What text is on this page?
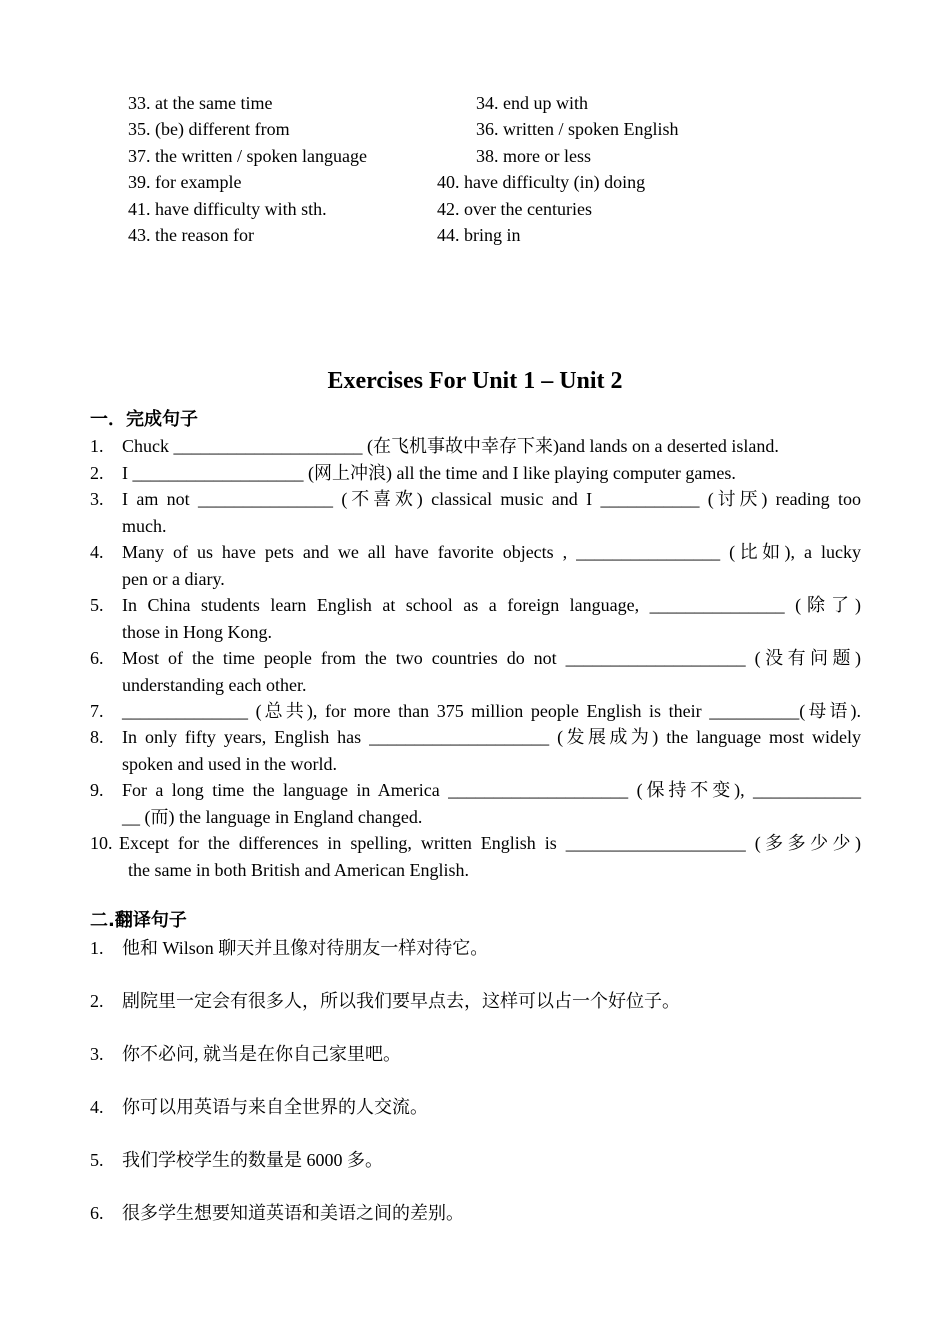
33. at the same time	34. end up with
35. (be) different from	36. written / spoken English
37. the written / spoken language	38. more or less
39. for example	40. have difficulty (in) doing
41. have difficulty with sth.	42. over the centuries
43. the reason for	44. bring in
Exercises For Unit 1 – Unit 2
一．完成句子
1. Chuck _____________________ (在飞机事故中幸存下来)and lands on a deserted island.
2. I ___________________ (网上冲浪) all the time and I like playing computer games.
3. I am not _______________ (不喜欢) classical music and I ___________ (讨厌) reading too
much.
4. Many of us have pets and we all have favorite objects , ________________ (比如), a lucky
pen or a diary.
5. In China students learn English at school as a foreign language, _______________ (除了)
those in Hong Kong.
6. Most of the time people from the two countries do not ____________________ (没有问题)
understanding each other.
7. ______________ (总共), for more than 375 million people English is their __________(母语).
8. In only fifty years, English has ____________________ (发展成为) the language most widely
spoken and used in the world.
9. For a long time the language in America ____________________ (保持不变), ____________
__ (而) the language in England changed.
10. Except for the differences in spelling, written English is ____________________ (多多少少)
the same in both British and American English.
二.翻译句子
1. 他和 Wilson 聊天并且像对待朋友一样对待它。
2. 剧院里一定会有很多人，所以我们要早点去，这样可以占一个好位子。
3. 你不必问, 就当是在你自己家里吧。
4. 你可以用英语与来自全世界的人交流。
5. 我们学校学生的数量是 6000 多。
6. 很多学生想要知道英语和美语之间的差别。
